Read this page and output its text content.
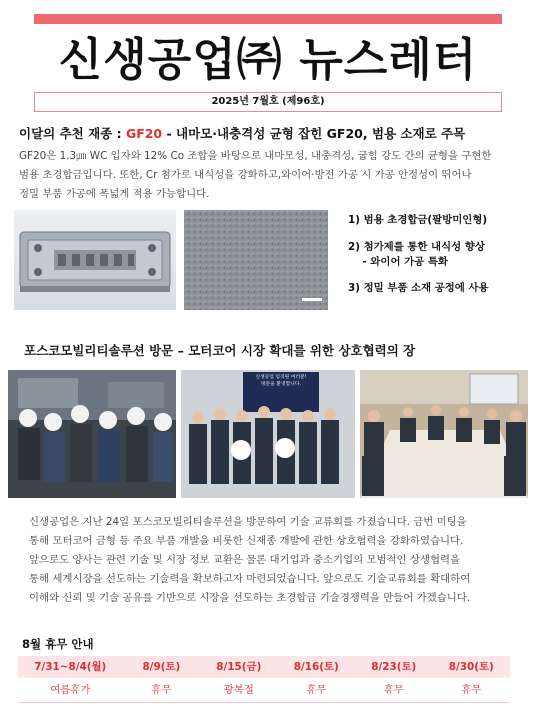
신생공업㈜ 뉴스레터
2025년 7월호 (제96호)
이달의 추천 재종 : GF20 - 내마모·내충격성 균형 잡힌 GF20, 범용 소재로 주목
GF20은 1.3㎛ WC 입자와 12% Co 조합을 바탕으로 내마모성, 내충격성, 굽힘 강도 간의 균형을 구현한
범용 초경합금입니다. 또한, Cr 첨가로 내식성을 강화하고,와이어·방전 가공 시 가공 안정성이 뛰어나
정밀 부품 가공에 폭넓게 적용 가능합니다.
1) 범용 초경합금(팔방미인형)
2) 첨가제를 통한 내식성 향상
- 와이어 가공 특화
3) 정밀 부품 소재 공정에 사용
포스코모빌리티솔루션 방문 – 모터코어 시장 확대를 위한 상호협력의 장
신생공업 임직원 여러분!
방문을 환영합니다.
신생공업은 지난 24일 포스코모빌리티솔루션을 방문하여 기술 교류회를 가졌습니다. 금번 미팅을
통해 모터코어 금형 등 주요 부품 개발을 비롯한 신재종 개발에 관한 상호협력을 강화하였습니다.
앞으로도 양사는 관련 기술 및 시장 정보 교환은 물론 대기업과 중소기업의 모범적인 상생협력을
통해 세계시장을 선도하는 기술력을 확보하고자 마련되었습니다. 앞으로도 기술교류회를 확대하여
이해와 신뢰 및 기술 공유를 기반으로 시장을 선도하는 초경합금 기술경쟁력을 만들어 가겠습니다.
8월 휴무 안내
7/31~8/4(월)	8/9(토)	8/15(금)	8/16(토)	8/23(토)	8/30(토)
여름휴가	휴무	광복절	휴무	휴무	휴무
